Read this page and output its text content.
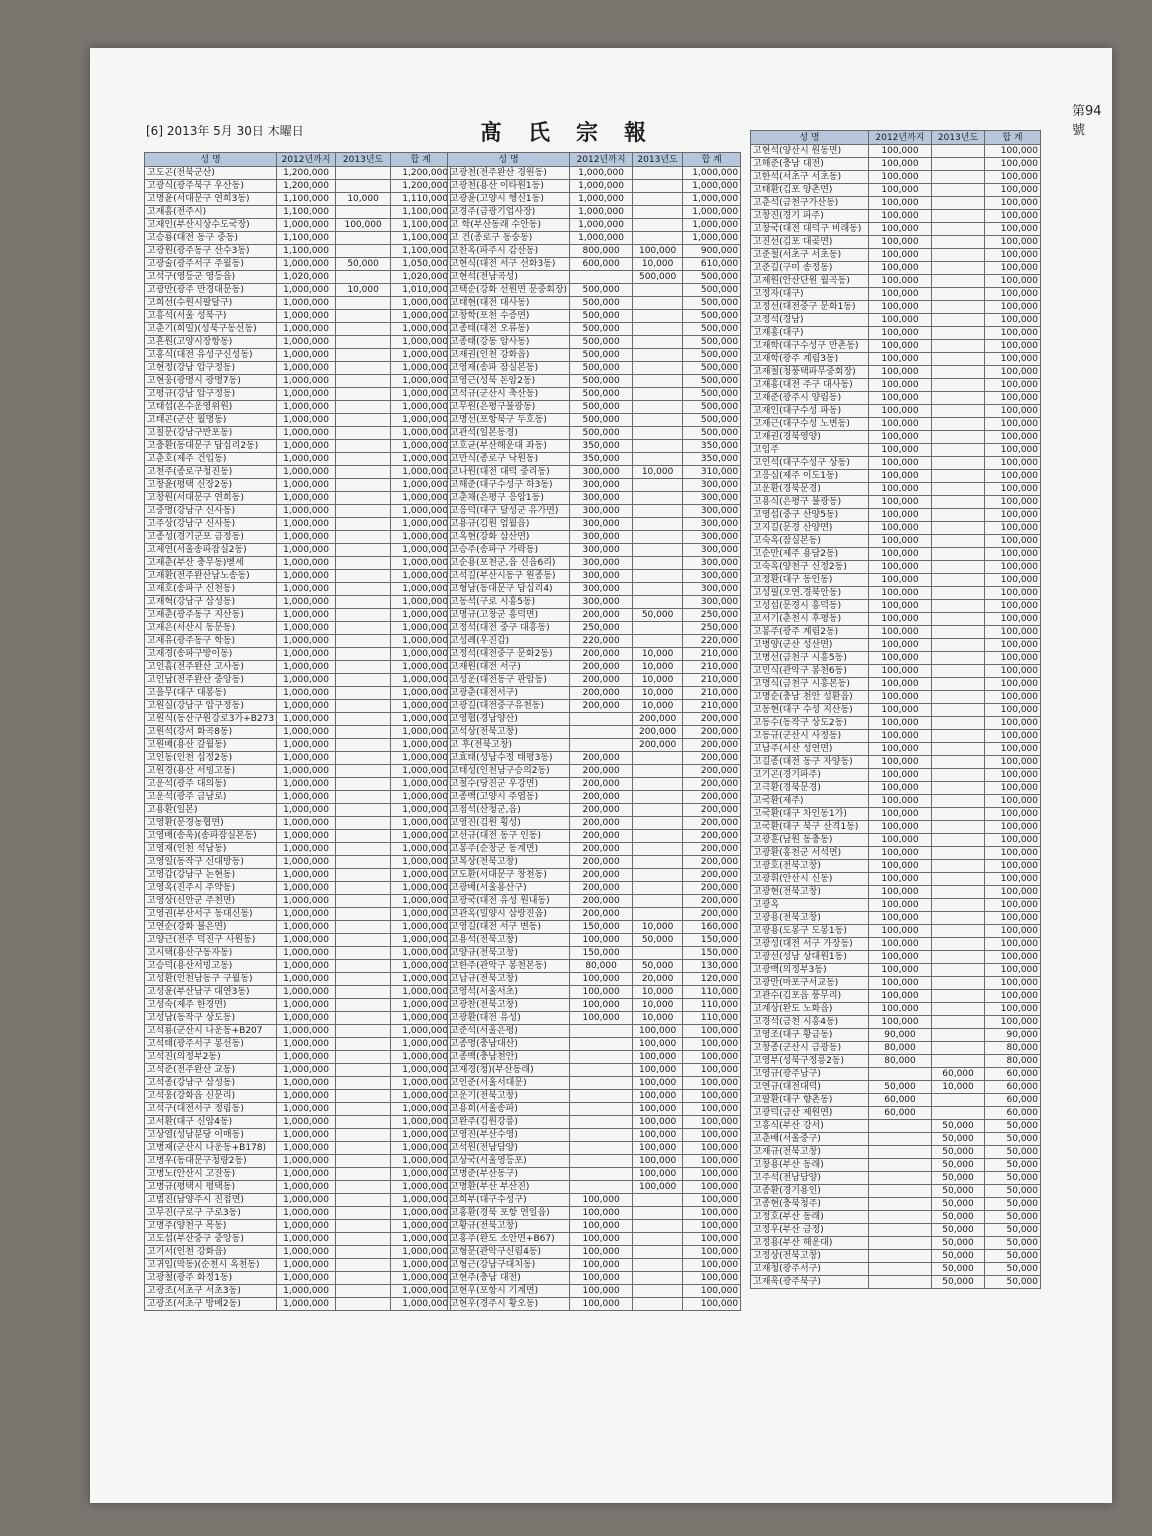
第94號
[6] 2013年 5月 30日 木曜日	髙氏宗報
성 명	2012년까지	2013년도	합 계
고도곤(전북군산)	1,200,000		1,200,000
고광식(광주북구 우산동)	1,200,000		1,200,000
고명윤(서대문구 연희3동)	1,100,000	10,000	1,110,000
고재흠(전주시)	1,100,000		1,100,000
고재인(부산시상수도국장)	1,000,000	100,000	1,100,000
고승룡(대전 동구 중동)	1,100,000		1,100,000
고광원(광주동구 산수3동)	1,100,000		1,100,000
고광술(광주서구 주월동)	1,000,000	50,000	1,050,000
고석구(영등군 영등읍)	1,020,000		1,020,000
고광만(광주 만경대문동)	1,000,000	10,000	1,010,000
고희선(수원시팔달구)	1,000,000		1,000,000
고흥석(서울 성북구)	1,000,000		1,000,000
고춘기(희밀)(성북구동선동)	1,000,000		1,000,000
고흔원(고양시장항동)	1,000,000		1,000,000
고홍식(대전 유성구신성동)	1,000,000		1,000,000
고현정(강남 압구정동)	1,000,000		1,000,000
고현웅(광명시 광명7동)	1,000,000		1,000,000
고평규(강남 압구정동)	1,000,000		1,000,000
고태섭(온수운영위원)	1,000,000		1,000,000
고태곤(군산 월명동)	1,000,000		1,000,000
고칠문(강남구반포동)	1,000,000		1,000,000
고충환(동대문구 답십리2동)	1,000,000		1,000,000
고춘호(제주 건입동)	1,000,000		1,000,000
고천주(종로구청진동)	1,000,000		1,000,000
고창윤(평택 신장2동)	1,000,000		1,000,000
고창원(서대문구 연희동)	1,000,000		1,000,000
고중명(강남구 신사동)	1,000,000		1,000,000
고주상(강남구 신사동)	1,000,000		1,000,000
고종성(경기군포 금정동)	1,000,000		1,000,000
고제연(서울송파잠실2동)	1,000,000		1,000,000
고재춘(부산 충무동)벧세	1,000,000		1,000,000
고재환(전주완산남노송동)	1,000,000		1,000,000
고재호(송파구 신천동)	1,000,000		1,000,000
고재혁(강남구 삼성동)	1,000,000		1,000,000
고재춘(광주동구 지산동)	1,000,000		1,000,000
고재은(서산시 동문동)	1,000,000		1,000,000
고재유(광주동구 학동)	1,000,000		1,000,000
고재경(송파구방이동)	1,000,000		1,000,000
고인흠(전주완산 고사동)	1,000,000		1,000,000
고인남(전주완산 중앙동)	1,000,000		1,000,000
고을무(대구 대봉동)	1,000,000		1,000,000
고원실(강남구 압구정동)	1,000,000		1,000,000
고원식(동산구원강로3가+B273	1,000,000		1,000,000
고원석(강서 화곡8동)	1,000,000		1,000,000
고원배(용산 갈월동)	1,000,000		1,000,000
고인동(인천 십정2동)	1,000,000		1,000,000
고원경(용산 서빙고동)	1,000,000		1,000,000
고운석(광주 대의동)	1,000,000		1,000,000
고운석(광주 금남로)	1,000,000		1,000,000
고용환(일본)	1,000,000		1,000,000
고영환(문경농협면)	1,000,000		1,000,000
고영배(송욱)(송파잠실본동)	1,000,000		1,000,000
고영재(인천 석남동)	1,000,000		1,000,000
고영일(동작구 신대방동)	1,000,000		1,000,000
고영갑(강남구 논현동)	1,000,000		1,000,000
고영옥(진주시 주약동)	1,000,000		1,000,000
고영상(신안군 주천면)	1,000,000		1,000,000
고영권(부산서구 동대신동)	1,000,000		1,000,000
고연순(강화 불은면)	1,000,000		1,000,000
고양근(전주 덕진구 사원동)	1,000,000		1,000,000
고시택(용산구동자동)	1,000,000		1,000,000
고승덕(용산서빙고동)	1,000,000		1,000,000
고성환(인천남동구 구월동)	1,000,000		1,000,000
고성윤(부산남구 대연3동)	1,000,000		1,000,000
고성숙(제주 한경면)	1,000,000		1,000,000
고성남(동작구 상도동)	1,000,000		1,000,000
고석룡(군산시 나운동+B207	1,000,000		1,000,000
고석태(광주서구 봉선동)	1,000,000		1,000,000
고석진(의정부2동)	1,000,000		1,000,000
고석준(전주완산 교동)	1,000,000		1,000,000
고석종(강남구 삼성동)	1,000,000		1,000,000
고석웅(강화읍 신문리)	1,000,000		1,000,000
고석구(대전서구 정림동)	1,000,000		1,000,000
고서환(대구 신암4동)	1,000,000		1,000,000
고상열(성남분당 이매동)	1,000,000		1,000,000
고병재(군산시 나운동+B178)	1,000,000		1,000,000
고병우(동대문구청량2동)	1,000,000		1,000,000
고병노(안산시 고잔동)	1,000,000		1,000,000
고병규(평택시 평택동)	1,000,000		1,000,000
고범진(남양주시 진접면)	1,000,000		1,000,000
고무진(구로구 구로3동)	1,000,000		1,000,000
고명주(양천구 목동)	1,000,000		1,000,000
고도섭(부산중구 중앙동)	1,000,000		1,000,000
고기서(인천 강화읍)	1,000,000		1,000,000
고귀임(막동)(순천시 옥천동)	1,000,000		1,000,000
고광철(광주 화정1동)	1,000,000		1,000,000
고광조(서초구 서초3동)	1,000,000		1,000,000
고광조(서초구 방배2동)	1,000,000		1,000,000
성 명	2012년까지	2013년도	합 계
고광천(전주완산 경원동)	1,000,000		1,000,000
고광천(용산 이타원1동)	1,000,000		1,000,000
고광윤(고양시 행신1동)	1,000,000		1,000,000
고경주(금광기업사장)	1,000,000		1,000,000
고 학(부산동래 수안동)	1,000,000		1,000,000
고 건(종로구 동숭동)	1,000,000		1,000,000
고찬옥(파주시 감산동)	800,000	100,000	900,000
고현식(대전 서구 선화3동)	600,000	10,000	610,000
고현석(전남곡성)		500,000	500,000
고택순(강화 선원면 문중회장)	500,000		500,000
고태현(대전 대사동)	500,000		500,000
고창학(포천 수증면)	500,000		500,000
고종태(대전 오류동)	500,000		500,000
고종태(강동 암사동)	500,000		500,000
고재권(인천 강화읍)	500,000		500,000
고영재(송파 잠실본동)	500,000		500,000
고영근(성북 돈암2동)	500,000		500,000
고석규(군산시 축산동)	500,000		500,000
고무원(은평구불광동)	500,000		500,000
고명선(포항북구 두호동)	500,000		500,000
고관석(일본동경)	500,000		500,000
고호균(부산해운대 좌동)	350,000		350,000
고만식(종로구 낙원동)	350,000		350,000
고나원(대전 대덕 중리동)	300,000	10,000	310,000
고해준(대구수성구 하3동)	300,000		300,000
고춘채(은평구 응암1동)	300,000		300,000
고응덕(대구 달성군 유가면)	300,000		300,000
고용규(김원 엄월읍)	300,000		300,000
고옥현(강화 삼산면)	300,000		300,000
고승주(송파구 가락동)	300,000		300,000
고순용(포천군,읍 신읍6리)	300,000		300,000
고석길(부산시동구 원종동)	300,000		300,000
고형남(동대문구 답십리4)	300,000		300,000
고동석(구로 시흥5동)	300,000		300,000
고명규(고창군 흥덕면)	200,000	50,000	250,000
고정석(대전 중구 대흥동)	250,000		250,000
고성례(우진갑)	220,000		220,000
고정석(대전중구 문화2동)	200,000	10,000	210,000
고재원(대전 서구)	200,000	10,000	210,000
고성운(대전동구 판암동)	200,000	10,000	210,000
고광춘(대전서구)	200,000	10,000	210,000
고광길(대전중구유천동)	200,000	10,000	210,000
고영협(경남양산)		200,000	200,000
고석상(전북고창)		200,000	200,000
고 후(전북고창)		200,000	200,000
고효태(성남수정 태평3동)	200,000		200,000
고태성(인천남구승의2동)	200,000		200,000
고철수(당진군 우강면)	200,000		200,000
고종백(고양시 주엽동)	200,000		200,000
고점석(산청군,읍)	200,000		200,000
고영진(김원 횡성)	200,000		200,000
고선규(대전 동구 인동)	200,000		200,000
고봉주(순창군 동계면)	200,000		200,000
고복상(전북고창)	200,000		200,000
고도환(서대문구 창천동)	200,000		200,000
고광배(서울용산구)	200,000		200,000
고광국(대전 유성 원내동)	200,000		200,000
고관옥(밀양시 삼랑진읍)	200,000		200,000
고영길(대전 서구 변동)	150,000	10,000	160,000
고용석(전북고창)	100,000	50,000	150,000
고양규(전북고창)	150,000		150,000
고한주(관악구 봉천본동)	80,000	50,000	130,000
고납규(전북고창)	100,000	20,000	120,000
고영석(서울서초)	100,000	10,000	110,000
고광찬(전북고창)	100,000	10,000	110,000
고광환(대전 유성)	100,000	10,000	110,000
고준석(서울은평)		100,000	100,000
고종명(충남대산)		100,000	100,000
고종백(충남천안)		100,000	100,000
고재경(청)(부산동래)		100,000	100,000
고인준(서울서대문)		100,000	100,000
고운기(전북고창)		100,000	100,000
고용희(서울송파)		100,000	100,000
고완주(김원강릉)		100,000	100,000
고영진(부산수영)		100,000	100,000
고석원(전남담양)		100,000	100,000
고상국(서울영등포)		100,000	100,000
고병준(부산동구)		100,000	100,000
고명환(부산 부산진)		100,000	100,000
고희부(대구수성구)	100,000		100,000
고홍환(경북 포항 연일읍)	100,000		100,000
고황규(전북고창)	100,000		100,000
고홍주(완도 소안면+B67)	100,000		100,000
고형문(관악구신림4동)	100,000		100,000
고형근(강남구대치동)	100,000		100,000
고현주(충남 대전)	100,000		100,000
고현우(포항시 기계면)	100,000		100,000
고현우(경주시 황오동)	100,000		100,000
성 명	2012년까지	2013년도	합 계
고현석(양산시 원동면)	100,000		100,000
고해준(충남 대전)	100,000		100,000
고한석(서초구 서초동)	100,000		100,000
고태환(김포 양촌면)	100,000		100,000
고춘석(금천구가산동)	100,000		100,000
고창진(경기 파주)	100,000		100,000
고창국(대전 대덕구 비래동)	100,000		100,000
고진선(김포 대곶면)	100,000		100,000
고준철(서초구 서초동)	100,000		100,000
고준길(구미 송정동)	100,000		100,000
고제원(안산단원 월곡동)	100,000		100,000
고정자(대구)	100,000		100,000
고정선(대전중구 문화1동)	100,000		100,000
고정석(경남)	100,000		100,000
고재홍(대구)	100,000		100,000
고재학(대구수성구 만촌동)	100,000		100,000
고재학(광주 계림3동)	100,000		100,000
고재철(청풍택파무중회장)	100,000		100,000
고재홍(대전 주구 대사동)	100,000		100,000
고재준(광주시 양림동)	100,000		100,000
고재인(대구수성 파동)	100,000		100,000
고재근(대구수성 노변동)	100,000		100,000
고재권(경북영양)	100,000		100,000
고임주	100,000		100,000
고인석(대구수성구 상동)	100,000		100,000
고응심(제주 이도1동)	100,000		100,000
고운환(경북문경)	100,000		100,000
고용식(은평구 불광동)	100,000		100,000
고영섭(중구 산양5동)	100,000		100,000
고지길(문경 산양면)	100,000		100,000
고숙옥(잠실본동)	100,000		100,000
고순만(제주 용담2동)	100,000		100,000
고숙옥(양천구 신정2동)	100,000		100,000
고정환(대구 동인동)	100,000		100,000
고성필(오연.경북안동)	100,000		100,000
고성섭(문경시 흥덕동)	100,000		100,000
고서기(춘천시 후평동)	100,000		100,000
고봉주(광주 계림2동)	100,000		100,000
고병양(군산 성산면)	100,000		100,000
고병선(금천구 시흥5동)	100,000		100,000
고민식(관악구 봉천6동)	100,000		100,000
고명식(금천구 시흥본동)	100,000		100,000
고명순(충남 천안 성환읍)	100,000		100,000
고동현(대구 수성 지산동)	100,000		100,000
고동수(동작구 상도2동)	100,000		100,000
고동규(군산시 사정동)	100,000		100,000
고남주(서산 성연면)	100,000		100,000
고길종(대전 동구 자양동)	100,000		100,000
고기곤(경기파주)	100,000		100,000
고극환(경북문경)	100,000		100,000
고국환(제주)	100,000		100,000
고국환(대구 차인동1가)	100,000		100,000
고국환(대구 북구 산격1동)	100,000		100,000
고광훈(남원 동충동)	100,000		100,000
고광환(홍천군 서석면)	100,000		100,000
고광호(전북고창)	100,000		100,000
고광휘(안산시 신동)	100,000		100,000
고광현(전북고창)	100,000		100,000
고광옥	100,000		100,000
고광용(전북고창)	100,000		100,000
고광용(도봉구 도봉1동)	100,000		100,000
고광성(대전 서구 가장동)	100,000		100,000
고광선(성남 상대원1동)	100,000		100,000
고광백(의정부3동)	100,000		100,000
고광만(마포구서교동)	100,000		100,000
고관수(김포읍 풍무리)	100,000		100,000
고계상(완도 노화읍)	100,000		100,000
고경석(금천 시흥4동)	100,000		100,000
고영조(대구 황금동)	90,000		90,000
고창종(군산시 금광동)	80,000		80,000
고영부(성북구정릉2동)	80,000		80,000
고영규(광주남구)		60,000	60,000
고연규(대전대덕)	50,000	10,000	60,000
고팔환(대구 향촌동)	60,000		60,000
고광덕(금산 제원면)	60,000		60,000
고흥식(부산 강서)		50,000	50,000
고춘배(서울중구)		50,000	50,000
고재규(전북고창)		50,000	50,000
고창용(부산 동래)		50,000	50,000
고주석(전남담양)		50,000	50,000
고종환(경기용인)		50,000	50,000
고종현(충북청주)		50,000	50,000
고정호(부산 동래)		50,000	50,000
고정우(부산 금정)		50,000	50,000
고정용(부산 해운대)		50,000	50,000
고정상(전북고창)		50,000	50,000
고재청(광주서구)		50,000	50,000
고재욱(광주북구)		50,000	50,000
